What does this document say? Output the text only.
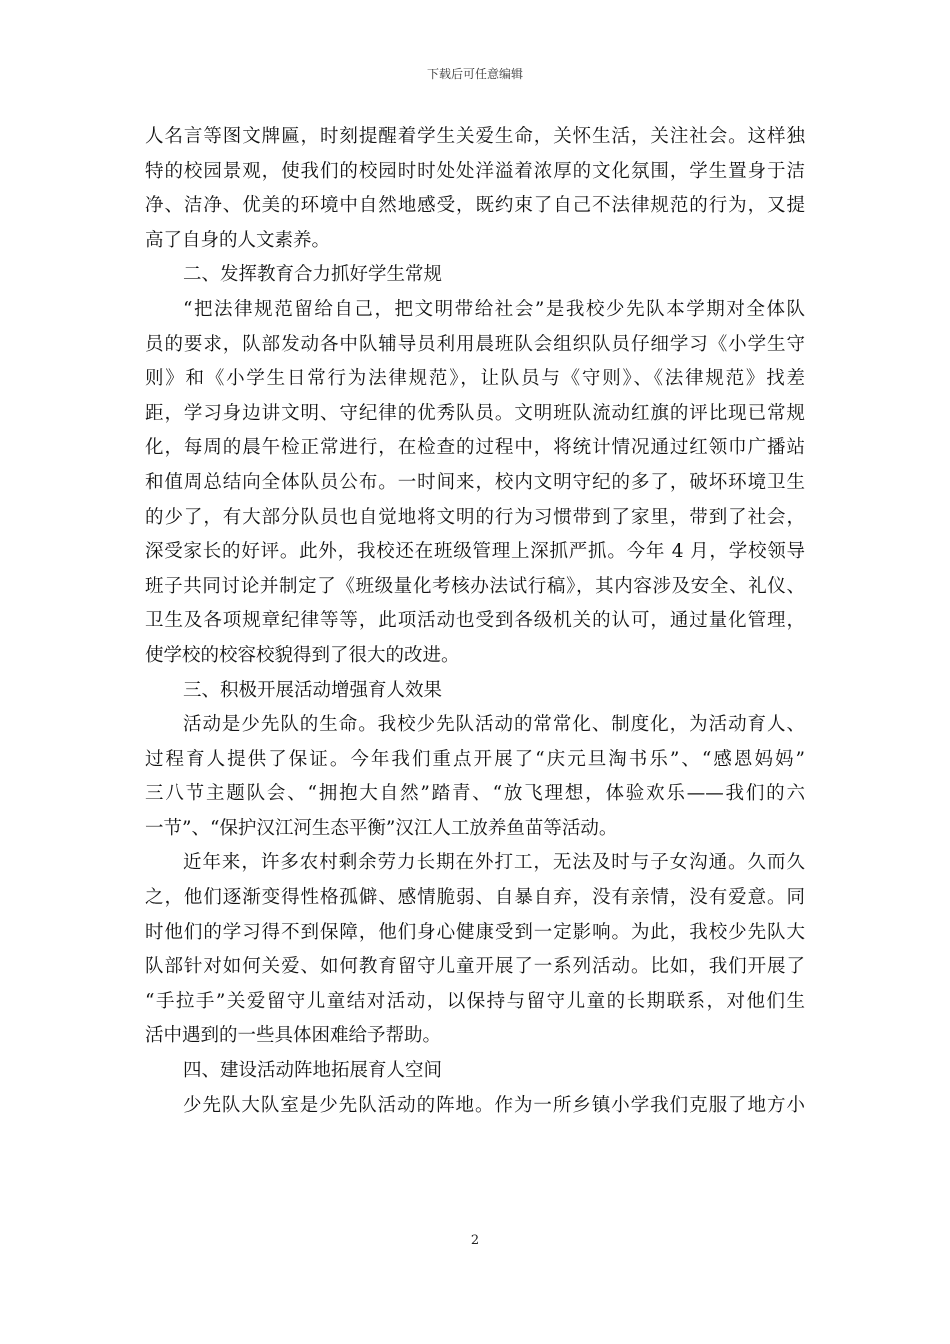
下载后可任意编辑
人名言等图文牌匾，时刻提醒着学生关爱生命，关怀生活，关注社会。这样独
特的校园景观，使我们的校园时时处处洋溢着浓厚的文化氛围，学生置身于洁
净、洁净、优美的环境中自然地感受，既约束了自己不法律规范的行为，又提
高了自身的人文素养。
二、发挥教育合力抓好学生常规
“把法律规范留给自己，把文明带给社会”是我校少先队本学期对全体队
员的要求，队部发动各中队辅导员利用晨班队会组织队员仔细学习《小学生守
则》和《小学生日常行为法律规范》，让队员与《守则》、《法律规范》找差
距，学习身边讲文明、守纪律的优秀队员。文明班队流动红旗的评比现已常规
化，每周的晨午检正常进行，在检查的过程中，将统计情况通过红领巾广播站
和值周总结向全体队员公布。一时间来，校内文明守纪的多了，破坏环境卫生
的少了，有大部分队员也自觉地将文明的行为习惯带到了家里，带到了社会，
深受家长的好评。此外，我校还在班级管理上深抓严抓。今年 4 月，学校领导
班子共同讨论并制定了《班级量化考核办法试行稿》，其内容涉及安全、礼仪、
卫生及各项规章纪律等等，此项活动也受到各级机关的认可，通过量化管理，
使学校的校容校貌得到了很大的改进。
三、积极开展活动增强育人效果
活动是少先队的生命。我校少先队活动的常常化、制度化，为活动育人、
过程育人提供了保证。今年我们重点开展了“庆元旦淘书乐”、“感恩妈妈”
三八节主题队会、“拥抱大自然”踏青、“放飞理想，体验欢乐——我们的六
一节”、“保护汉江河生态平衡”汉江人工放养鱼苗等活动。
近年来，许多农村剩余劳力长期在外打工，无法及时与子女沟通。久而久
之，他们逐渐变得性格孤僻、感情脆弱、自暴自弃，没有亲情，没有爱意。同
时他们的学习得不到保障，他们身心健康受到一定影响。为此，我校少先队大
队部针对如何关爱、如何教育留守儿童开展了一系列活动。比如，我们开展了
“手拉手”关爱留守儿童结对活动，以保持与留守儿童的长期联系，对他们生
活中遇到的一些具体困难给予帮助。
四、建设活动阵地拓展育人空间
少先队大队室是少先队活动的阵地。作为一所乡镇小学我们克服了地方小
2
